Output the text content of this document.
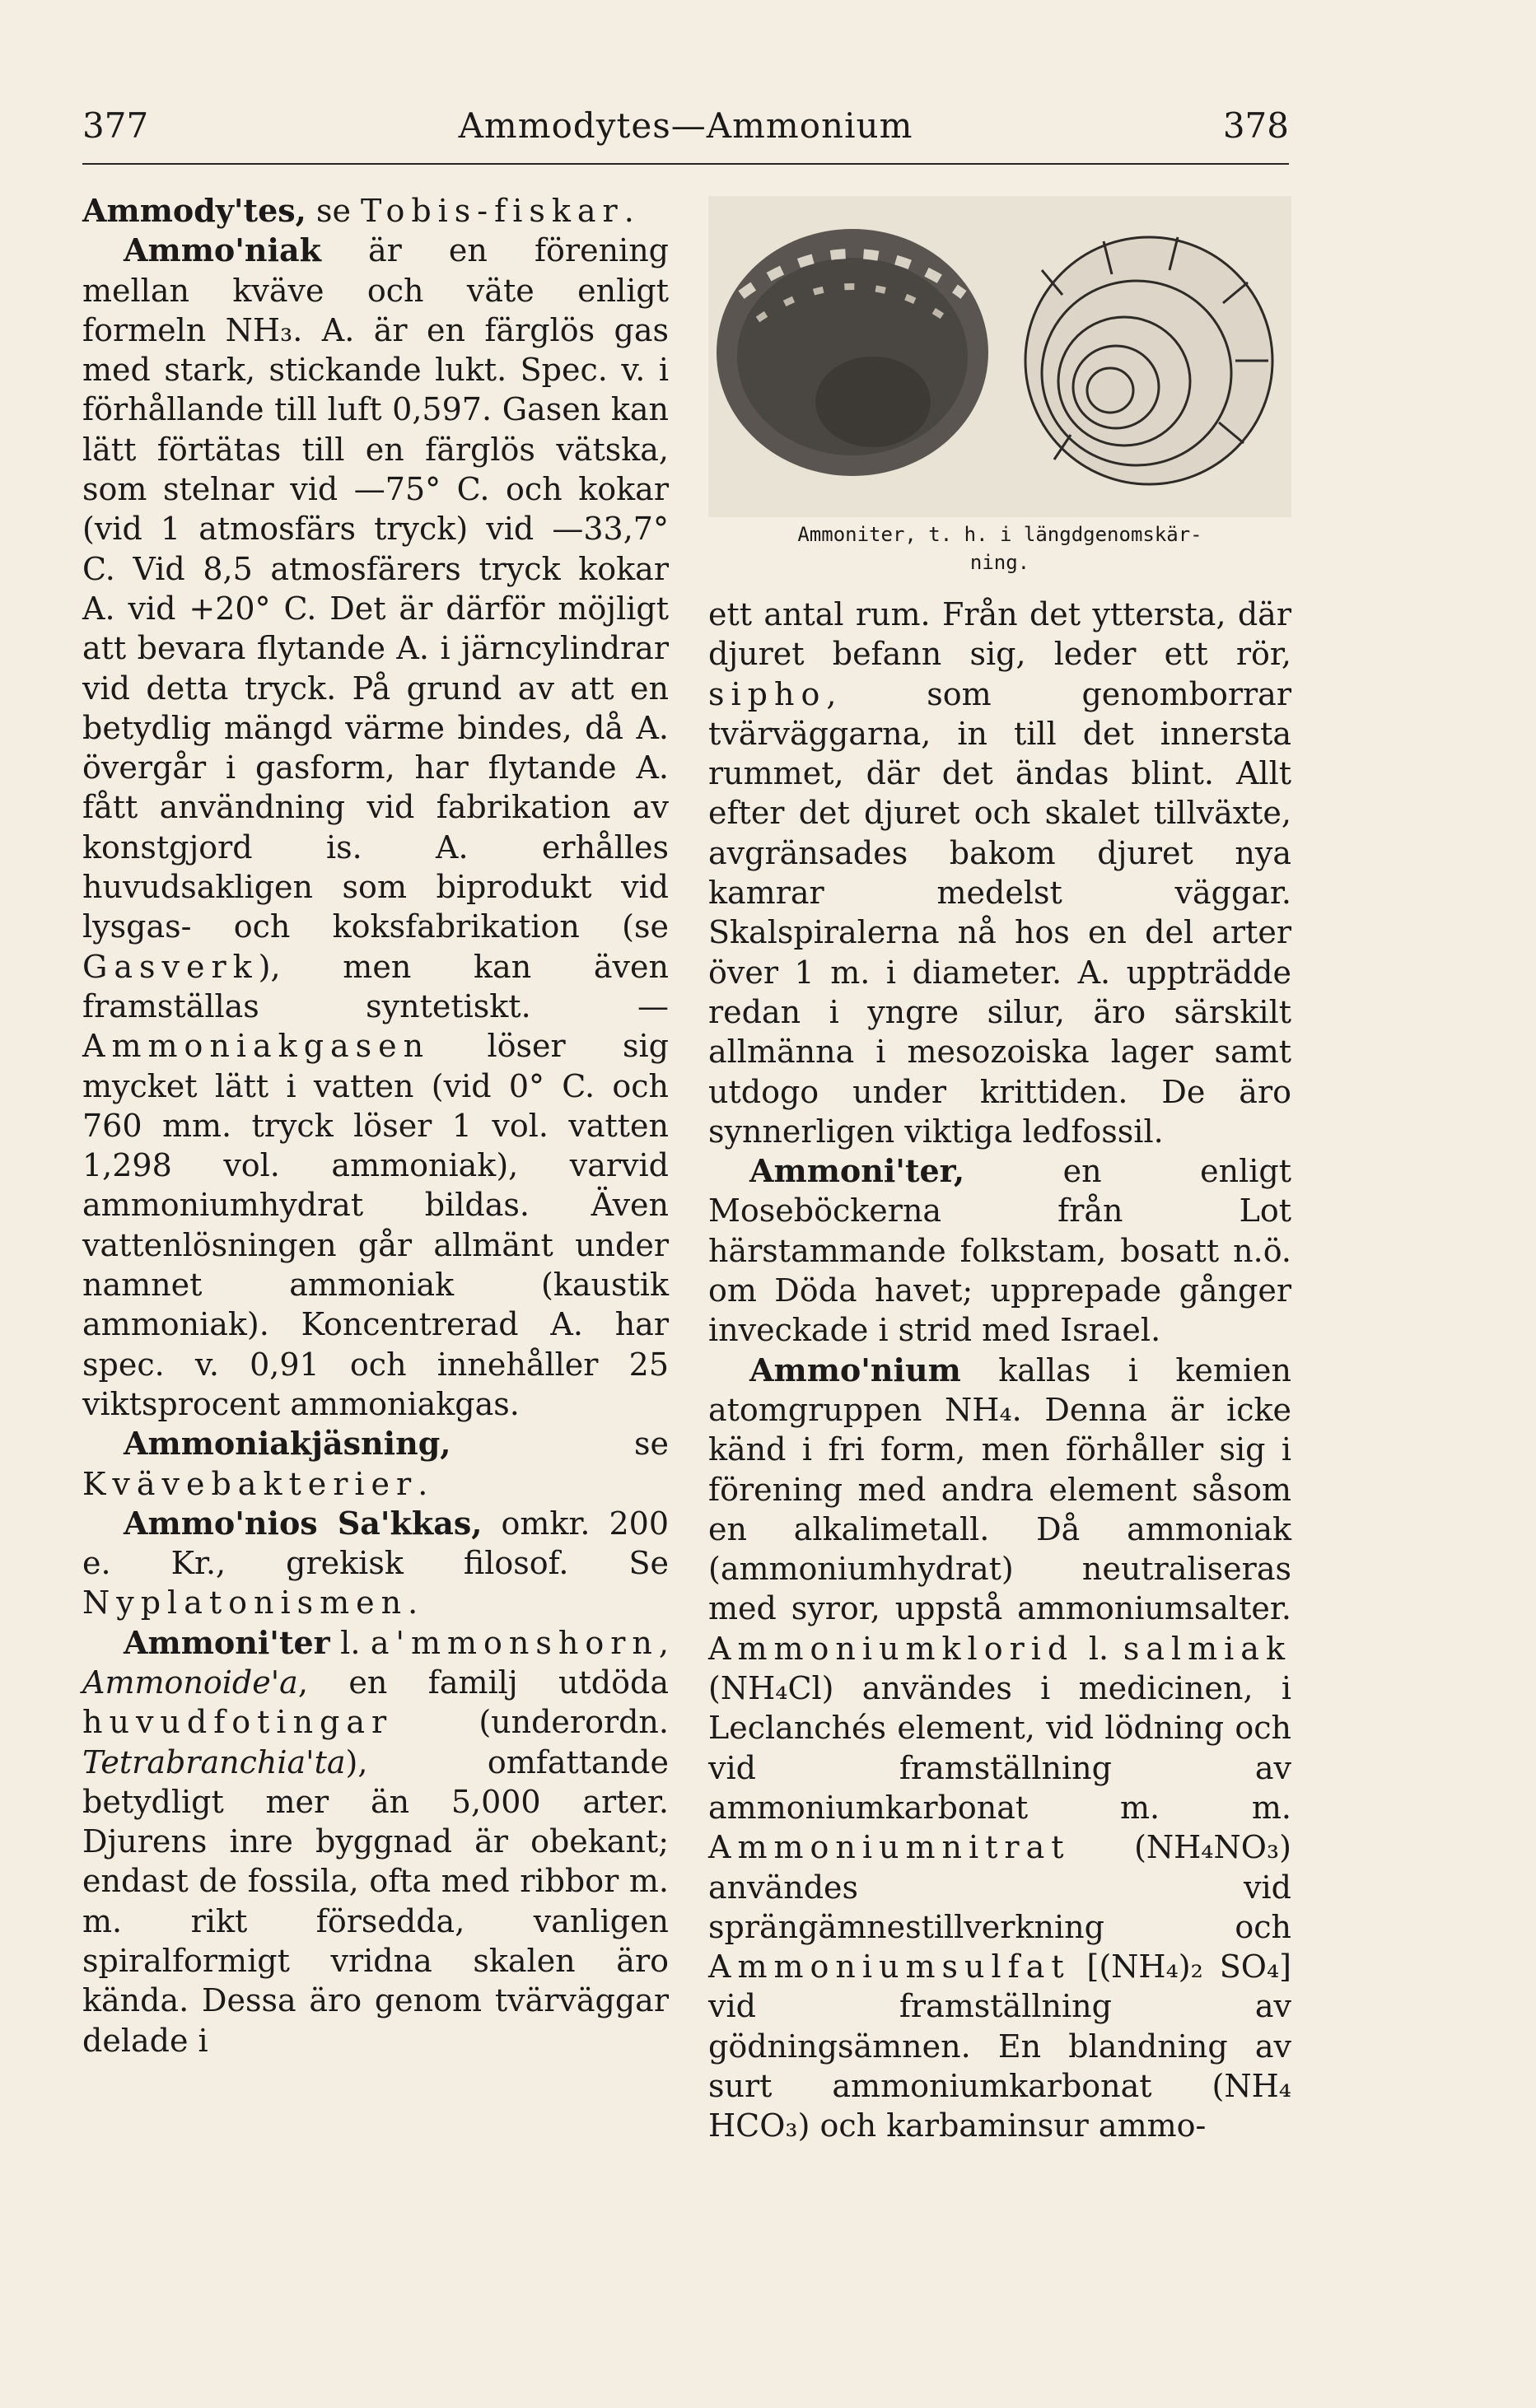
377	Ammodytes—Ammonium	378

Ammody'tes, se Tobis-fiskar.

Ammo'niak är en förening mellan kväve och väte enligt formeln NH₃. A. är en färglös gas med stark, stickande lukt. Spec. v. i förhållande till luft 0,597. Gasen kan lätt förtätas till en färglös vätska, som stelnar vid —75° C. och kokar (vid 1 atmosfärs tryck) vid —33,7° C. Vid 8,5 atmosfärers tryck kokar A. vid +20° C. Det är därför möjligt att bevara flytande A. i järncylindrar vid detta tryck. På grund av att en betydlig mängd värme bindes, då A. övergår i gasform, har flytande A. fått användning vid fabrikation av konstgjord is. A. erhålles huvudsakligen som biprodukt vid lysgas- och koksfabrikation (se Gasverk), men kan även framställas syntetiskt. — Ammoniakgasen löser sig mycket lätt i vatten (vid 0° C. och 760 mm. tryck löser 1 vol. vatten 1,298 vol. ammoniak), varvid ammoniumhydrat bildas. Även vattenlösningen går allmänt under namnet ammoniak (kaustik ammoniak). Koncentrerad A. har spec. v. 0,91 och innehåller 25 viktsprocent ammoniakgas.

Ammoniakjäsning, se Kvävebakterier.

Ammo'nios Sa'kkas, omkr. 200 e. Kr., grekisk filosof. Se Nyplatonismen.

Ammoni'ter l. a'mmonshorn, Ammonoide'a, en familj utdöda huvudfotingar (underordn. Tetrabranchia'ta), omfattande betydligt mer än 5,000 arter. Djurens inre byggnad är obekant; endast de fossila, ofta med ribbor m. m. rikt försedda, vanligen spiralformigt vridna skalen äro kända. Dessa äro genom tvärväggar delade i

Ammoniter, t. h. i längdgenomskär-
ning.

ett antal rum. Från det yttersta, där djuret befann sig, leder ett rör, sipho, som genomborrar tvärväggarna, in till det innersta rummet, där det ändas blint. Allt efter det djuret och skalet tillväxte, avgränsades bakom djuret nya kamrar medelst väggar. Skalspiralerna nå hos en del arter över 1 m. i diameter. A. uppträdde redan i yngre silur, äro särskilt allmänna i mesozoiska lager samt utdogo under krittiden. De äro synnerligen viktiga ledfossil.

Ammoni'ter, en enligt Moseböckerna från Lot härstammande folkstam, bosatt n.ö. om Döda havet; upprepade gånger inveckade i strid med Israel.

Ammo'nium kallas i kemien atomgruppen NH₄. Denna är icke känd i fri form, men förhåller sig i förening med andra element såsom en alkalimetall. Då ammoniak (ammoniumhydrat) neutraliseras med syror, uppstå ammoniumsalter. Ammoniumklorid l. salmiak (NH₄Cl) användes i medicinen, i Leclanchés element, vid lödning och vid framställning av ammoniumkarbonat m. m. Ammoniumnitrat (NH₄NO₃) användes vid sprängämnestillverkning och Ammoniumsulfat [(NH₄)₂ SO₄] vid framställning av gödningsämnen. En blandning av surt ammoniumkarbonat (NH₄ HCO₃) och karbaminsur ammo-
